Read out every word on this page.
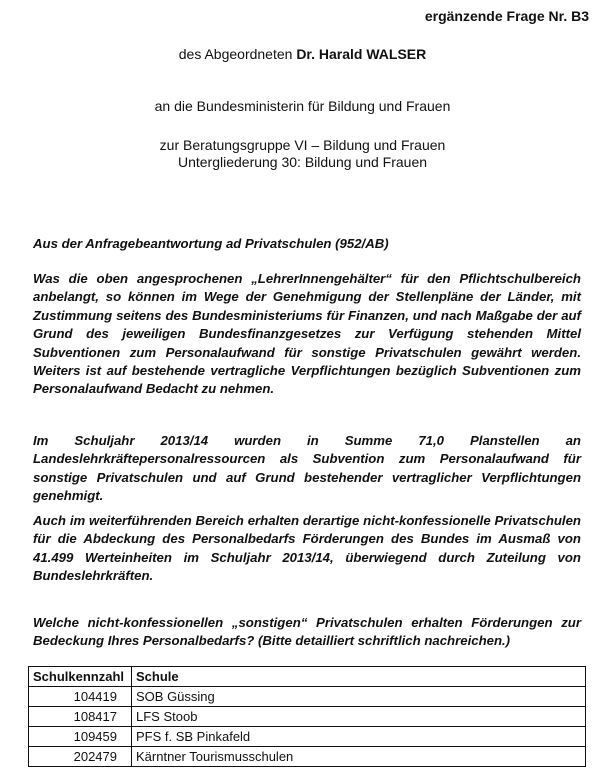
ergänzende Frage Nr. B3
des Abgeordneten Dr. Harald WALSER
an die Bundesministerin für Bildung und Frauen
zur Beratungsgruppe VI – Bildung und Frauen
Untergliederung 30: Bildung und Frauen
Aus der Anfragebeantwortung ad Privatschulen (952/AB)
Was die oben angesprochenen „LehrerInnengehälter“ für den Pflichtschulbereich anbelangt, so können im Wege der Genehmigung der Stellenpläne der Länder, mit Zustimmung seitens des Bundesministeriums für Finanzen, und nach Maßgabe der auf Grund des jeweiligen Bundesfinanzgesetzes zur Verfügung stehenden Mittel Subventionen zum Personalaufwand für sonstige Privatschulen gewährt werden. Weiters ist auf bestehende vertragliche Verpflichtungen bezüglich Subventionen zum Personalaufwand Bedacht zu nehmen.
Im Schuljahr 2013/14 wurden in Summe 71,0 Planstellen an Landeslehrkräftepersonalressourcen als Subvention zum Personalaufwand für sonstige Privatschulen und auf Grund bestehender vertraglicher Verpflichtungen genehmigt.
Auch im weiterführenden Bereich erhalten derartige nicht-konfessionelle Privatschulen für die Abdeckung des Personalbedarfs Förderungen des Bundes im Ausmaß von 41.499 Werteinheiten im Schuljahr 2013/14, überwiegend durch Zuteilung von Bundeslehrkräften.
Welche nicht-konfessionellen „sonstigen“ Privatschulen erhalten Förderungen zur Bedeckung Ihres Personalbedarfs? (Bitte detailliert schriftlich nachreichen.)
Schulkennzahl	Schule
104419	SOB Güssing
108417	LFS Stoob
109459	PFS f. SB Pinkafeld
202479	Kärntner Tourismusschulen
